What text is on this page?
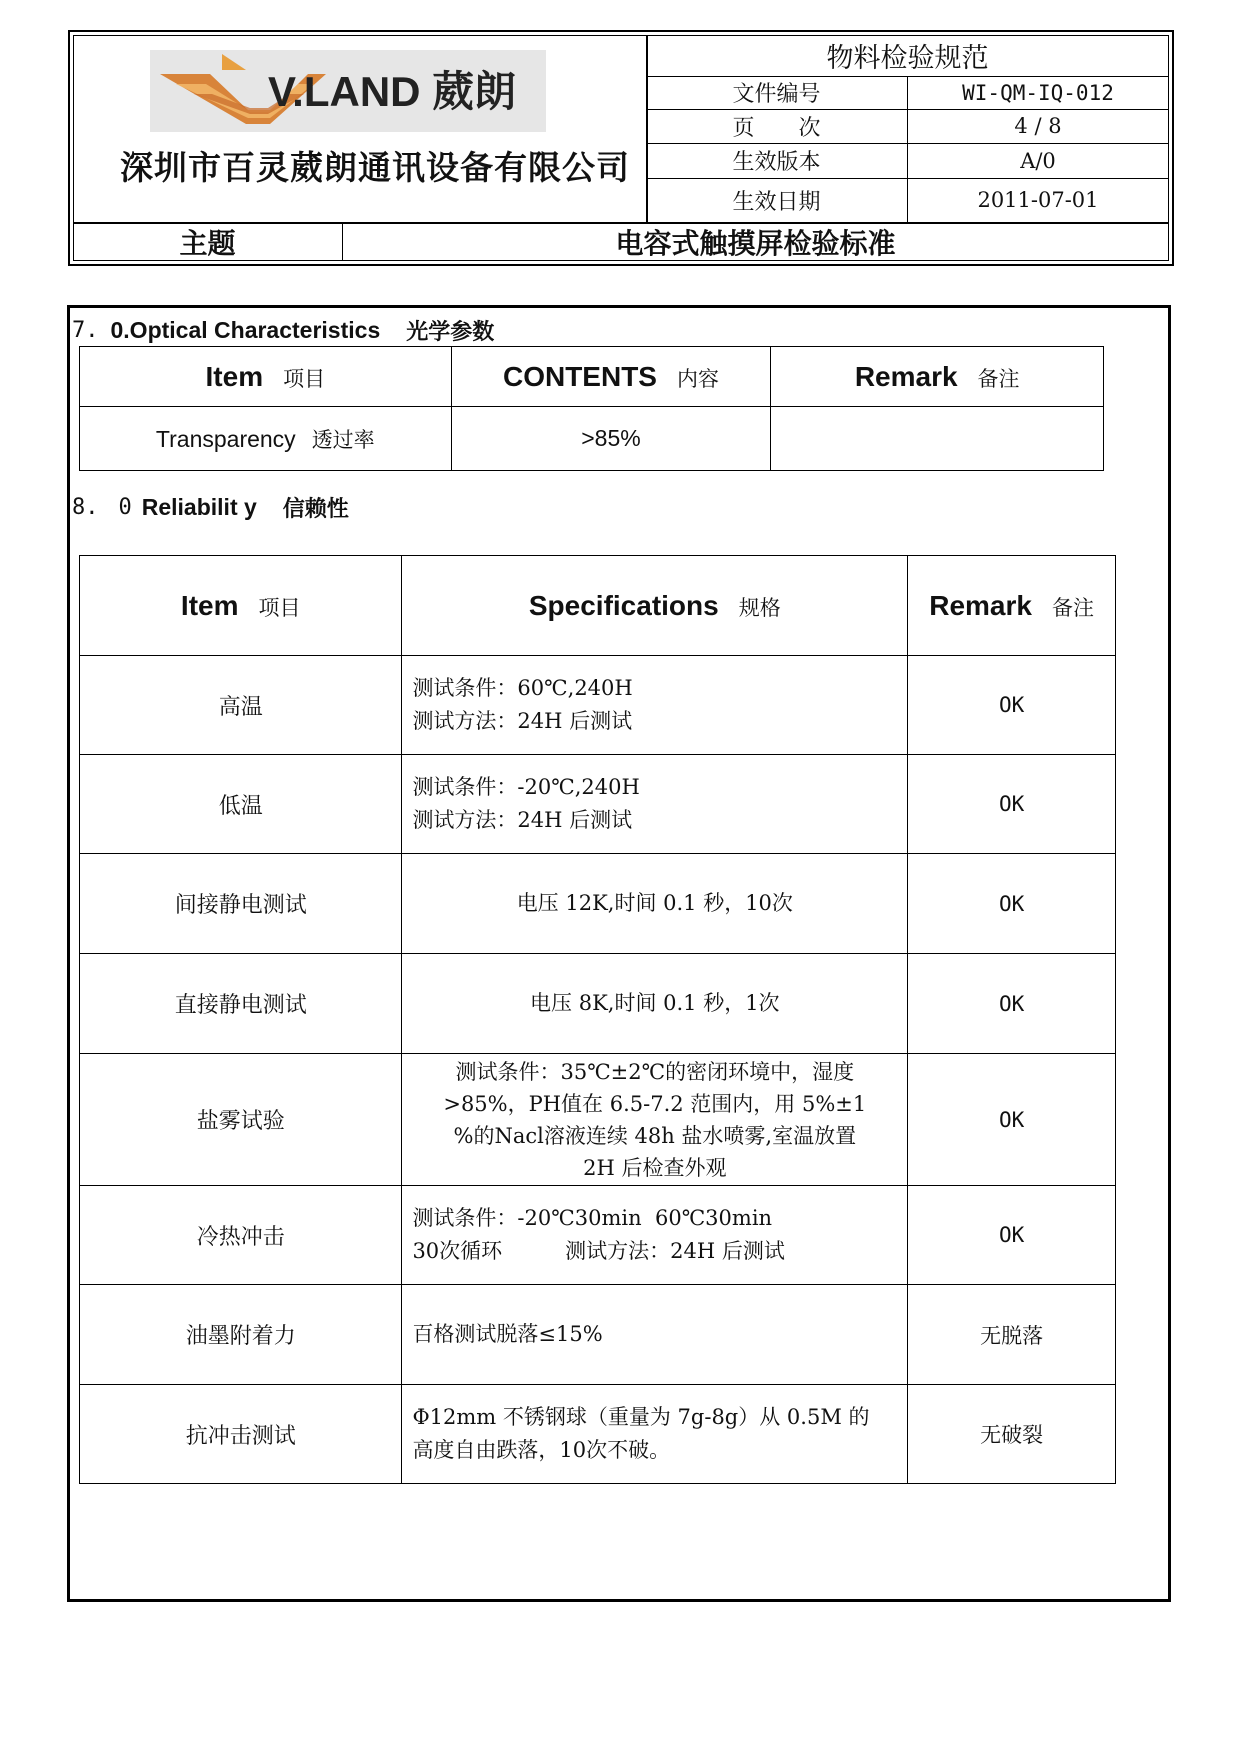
V.LAND 葳朗
深圳市百灵葳朗通讯设备有限公司
物料检验规范
文件编号	WI-QM-IQ-012
页　　次	4 / 8
生效版本	A/0
生效日期	2011-07-01
主题	电容式触摸屏检验标准
7. 0.Optical Characteristics 光学参数
Item 项目	CONTENTS 内容	Remark 备注
Transparency 透过率	>85%	
8. 0 Reliabilit y 信赖性
Item 项目	Specifications 规格	Remark 备注
高温	测试条件：60℃,240H
测试方法：24H 后测试	OK
低温	测试条件：-20℃,240H
测试方法：24H 后测试	OK
间接静电测试	电压 12K,时间 0.1 秒，10次	OK
直接静电测试	电压 8K,时间 0.1 秒，1次	OK
盐雾试验	测试条件：35℃±2℃的密闭环境中，湿度
>85%，PH值在 6.5-7.2 范围内，用 5%±1
%的Nacl溶液连续 48h 盐水喷雾,室温放置
2H 后检查外观	OK
冷热冲击	测试条件：-20℃30min  60℃30min
30次循环　　　测试方法：24H 后测试	OK
油墨附着力	百格测试脱落≤15%	无脱落
抗冲击测试	Φ12mm 不锈钢球（重量为 7g-8g）从 0.5M 的
高度自由跌落，10次不破。	无破裂
